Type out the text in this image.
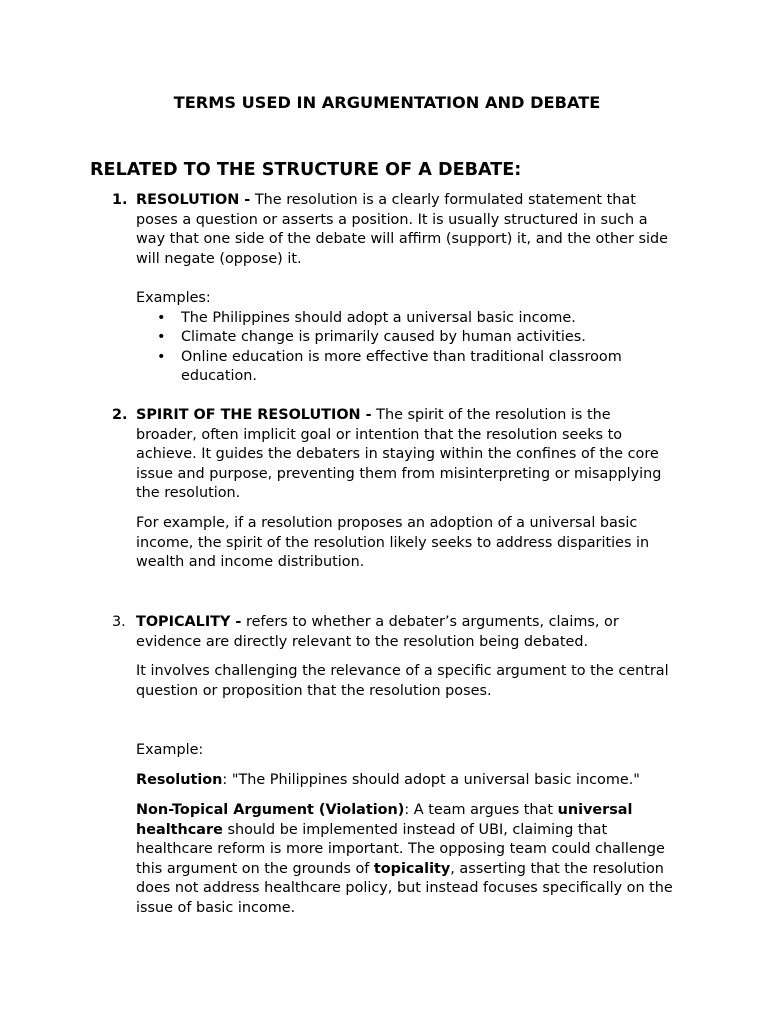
TERMS USED IN ARGUMENTATION AND DEBATE
RELATED TO THE STRUCTURE OF A DEBATE:
1. RESOLUTION - The resolution is a clearly formulated statement that poses a question or asserts a position. It is usually structured in such a way that one side of the debate will affirm (support) it, and the other side will negate (oppose) it.

Examples:

• The Philippines should adopt a universal basic income.
• Climate change is primarily caused by human activities.
• Online education is more effective than traditional classroom education.
2. SPIRIT OF THE RESOLUTION - The spirit of the resolution is the broader, often implicit goal or intention that the resolution seeks to achieve. It guides the debaters in staying within the confines of the core issue and purpose, preventing them from misinterpreting or misapplying the resolution.

For example, if a resolution proposes an adoption of a universal basic income, the spirit of the resolution likely seeks to address disparities in wealth and income distribution.

3. TOPICALITY - refers to whether a debater’s arguments, claims, or evidence are directly relevant to the resolution being debated.

It involves challenging the relevance of a specific argument to the central question or proposition that the resolution poses.

Example:

Resolution: "The Philippines should adopt a universal basic income."

Non-Topical Argument (Violation): A team argues that universal healthcare should be implemented instead of UBI, claiming that healthcare reform is more important. The opposing team could challenge this argument on the grounds of topicality, asserting that the resolution does not address healthcare policy, but instead focuses specifically on the issue of basic income.
